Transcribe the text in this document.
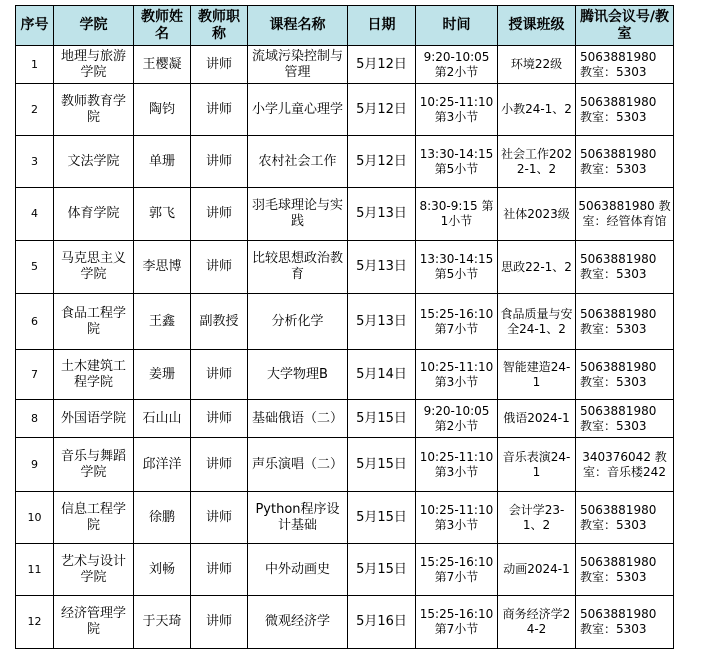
序号	学院	教师姓名	教师职称	课程名称	日期	时间	授课班级	腾讯会议号/教室
1	地理与旅游学院	王樱凝	讲师	流域污染控制与管理	5月12日	9:20-10:05 第2小节	环境22级	5063881980 教室：5303
2	教师教育学院	陶钧	讲师	小学儿童心理学	5月12日	10:25-11:10 第3小节	小教24-1、2	5063881980 教室：5303
3	文法学院	单珊	讲师	农村社会工作	5月12日	13:30-14:15 第5小节	社会工作2022-1、2	5063881980 教室：5303
4	体育学院	郭飞	讲师	羽毛球理论与实践	5月13日	8:30-9:15 第1小节	社体2023级	5063881980 教室：经管体育馆
5	马克思主义学院	李思博	讲师	比较思想政治教育	5月13日	13:30-14:15 第5小节	思政22-1、2	5063881980 教室：5303
6	食品工程学院	王鑫	副教授	分析化学	5月13日	15:25-16:10 第7小节	食品质量与安全24-1、2	5063881980 教室：5303
7	土木建筑工程学院	姜珊	讲师	大学物理B	5月14日	10:25-11:10 第3小节	智能建造24-1	5063881980 教室：5303
8	外国语学院	石山山	讲师	基础俄语（二）	5月15日	9:20-10:05 第2小节	俄语2024-1	5063881980 教室：5303
9	音乐与舞蹈学院	邱洋洋	讲师	声乐演唱（二）	5月15日	10:25-11:10第3小节	音乐表演24-1	340376042 教室：音乐楼242
10	信息工程学院	徐鹏	讲师	Python程序设计基础	5月15日	10:25-11:10 第3小节	会计学23-1、2	5063881980 教室：5303
11	艺术与设计学院	刘畅	讲师	中外动画史	5月15日	15:25-16:10 第7小节	动画2024-1	5063881980 教室：5303
12	经济管理学院	于天琦	讲师	微观经济学	5月16日	15:25-16:10 第7小节	商务经济学24-2	5063881980 教室：5303
